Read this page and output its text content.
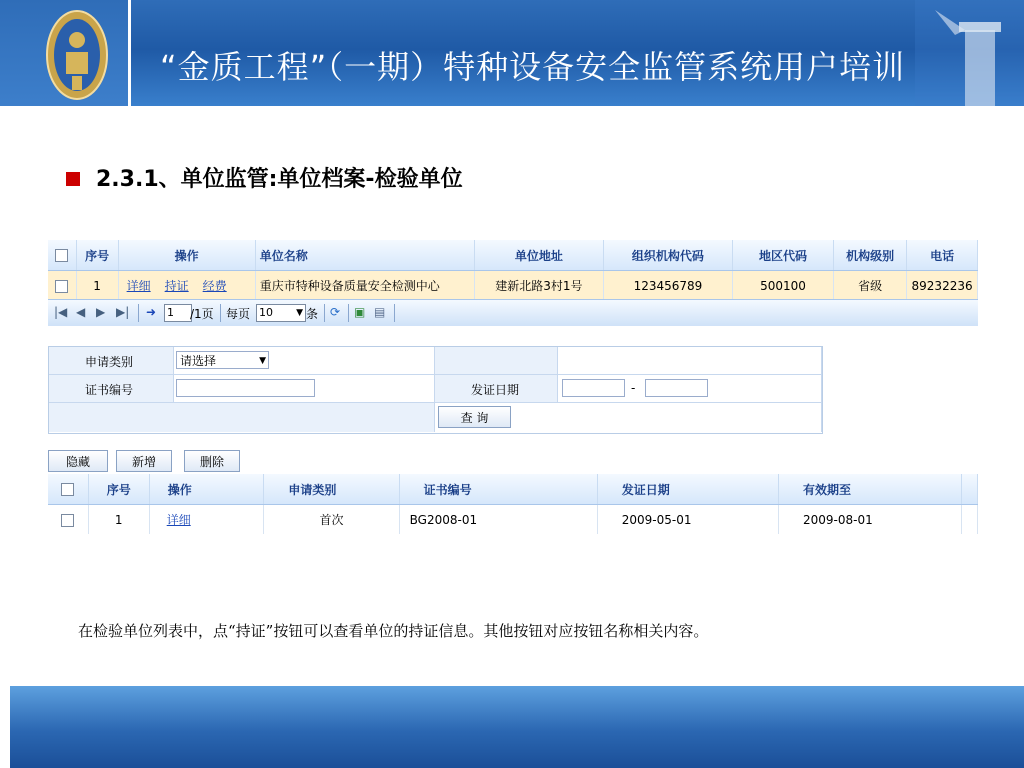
“金质工程”（一期）特种设备安全监管系统用户培训
2.3.1、单位监管:单位档案-检验单位
	序号	操作	单位名称	单位地址	组织机构代码	地区代码	机构级别	电话
	1	详细 持证 经费	重庆市特种设备质量安全检测中心	建新北路3村1号	123456789	500100	省级	89232236
|◀ ◀ ▶ ▶| ➜ 1	/1页 每页 10	▼ 条 ⟳ ▣ ▤
申请类别	请选择	▼
证书编号	发证日期	-
查 询
隐藏	新增	删除
	序号	操作	申请类别	证书编号	发证日期	有效期至	
	1	详细	首次	BG2008-01	2009-05-01	2009-08-01	
在检验单位列表中，点“持证”按钮可以查看单位的持证信息。其他按钮对应按钮名称相关内容。
